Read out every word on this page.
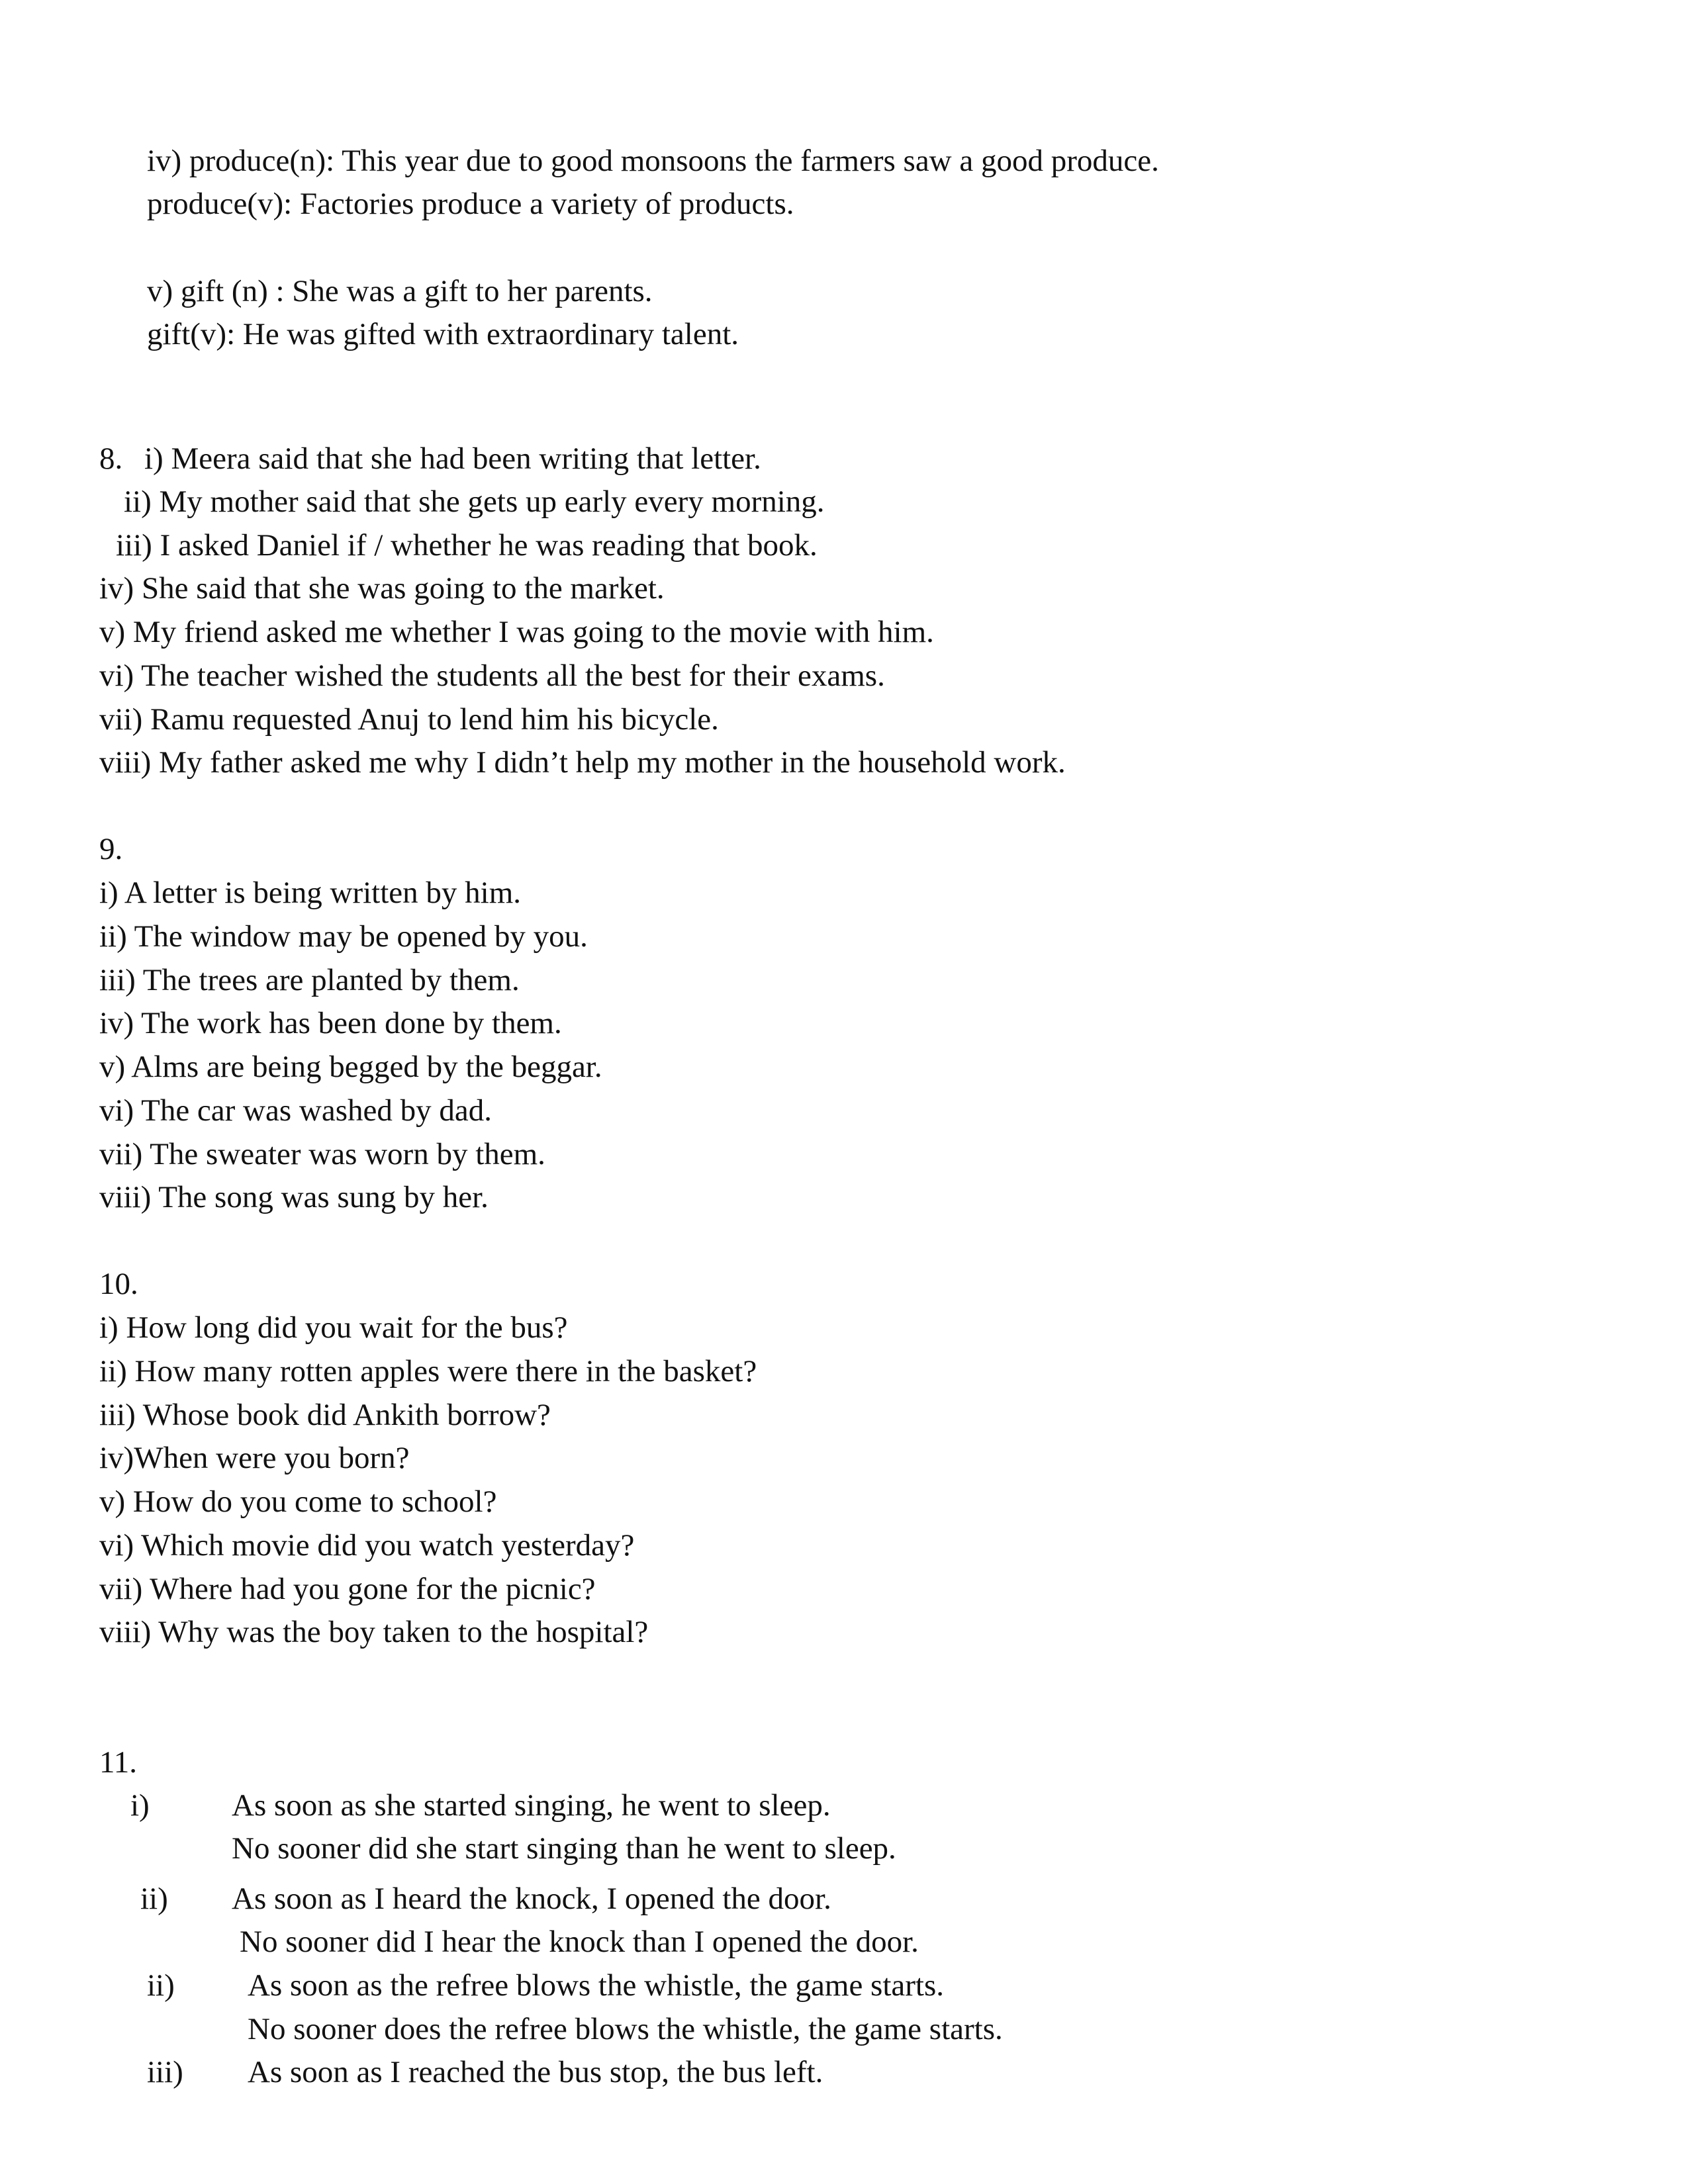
iv) produce(n): This year due to good monsoons the farmers saw a good produce.
produce(v): Factories produce a variety of products.
v) gift (n) : She was a gift to her parents.
gift(v): He was gifted with extraordinary talent.
8. i) Meera said that she had been writing that letter.
ii) My mother said that she gets up early every morning.
iii) I asked Daniel if / whether he was reading that book.
iv) She said that she was going to the market.
v) My friend asked me whether I was going to the movie with him.
vi) The teacher wished the students all the best for their exams.
vii) Ramu requested Anuj to lend him his bicycle.
viii) My father asked me why I didn’t help my mother in the household work.
9.
i) A letter is being written by him.
ii) The window may be opened by you.
iii) The trees are planted by them.
iv) The work has been done by them.
v) Alms are being begged by the beggar.
vi) The car was washed by dad.
vii) The sweater was worn by them.
viii) The song was sung by her.
10.
i) How long did you wait for the bus?
ii) How many rotten apples were there in the basket?
iii) Whose book did Ankith borrow?
iv)When were you born?
v) How do you come to school?
vi) Which movie did you watch yesterday?
vii) Where had you gone for the picnic?
viii) Why was the boy taken to the hospital?
11.
i)	As soon as she started singing, he went to sleep.
No sooner did she start singing than he went to sleep.
ii) As soon as I heard the knock, I opened the door.
No sooner did I hear the knock than I opened the door.
ii) As soon as the refree blows the whistle, the game starts.
No sooner does the refree blows the whistle, the game starts.
iii) As soon as I reached the bus stop, the bus left.
